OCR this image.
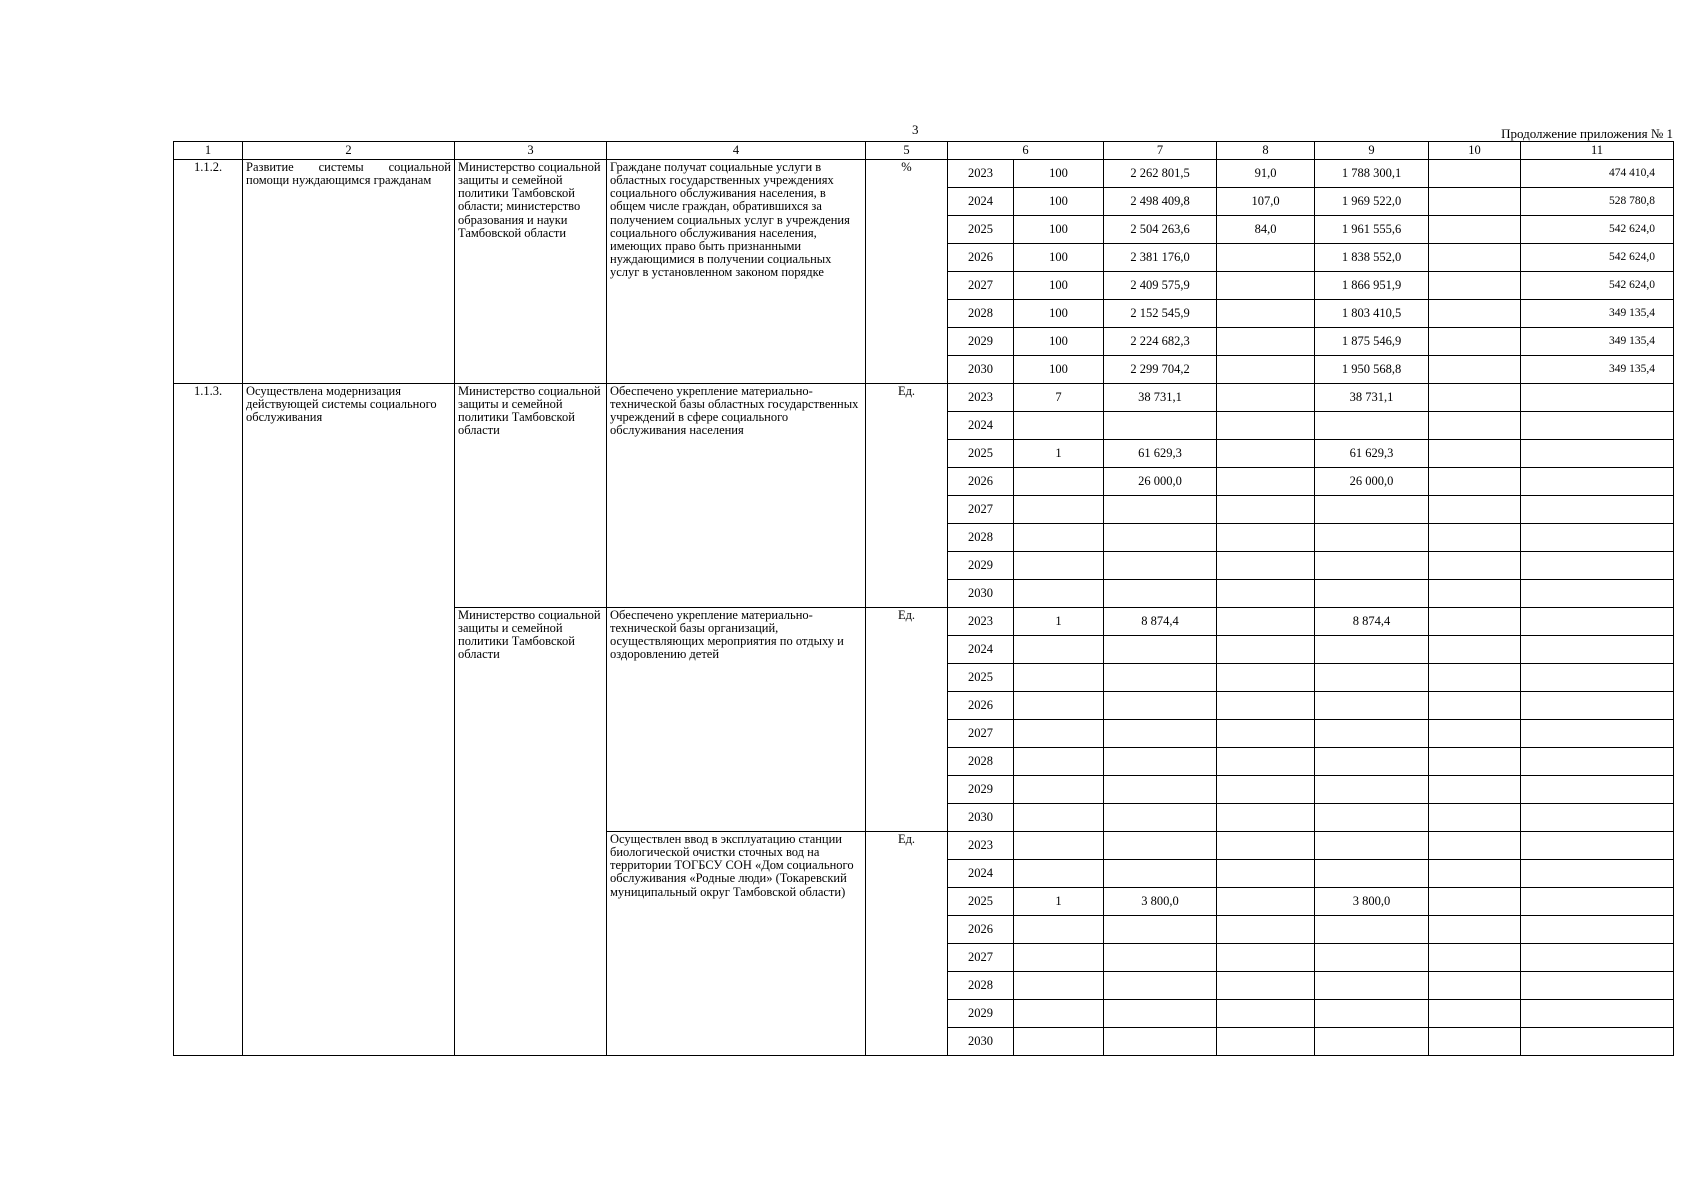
3	Продолжение приложения № 1
1	2	3	4	5	6		7	8	9	10	11
1.1.2.	Развитие системы социальной помощи нуждающимся гражданам	Министерство социальной защиты и семейной политики Тамбовской области; министерство образования и науки Тамбовской области	Граждане получат социальные услуги в областных государственных учреждениях социального обслуживания населения, в общем числе граждан, обратившихся за получением социальных услуг в учреждения социального обслуживания населения, имеющих право быть признанными нуждающимися в получении социальных услуг в установленном законом порядке	%	2023	100	2 262 801,5	91,0	1 788 300,1		474 410,4
					2024	100	2 498 409,8	107,0	1 969 522,0		528 780,8
					2025	100	2 504 263,6	84,0	1 961 555,6		542 624,0
					2026	100	2 381 176,0		1 838 552,0		542 624,0
					2027	100	2 409 575,9		1 866 951,9		542 624,0
					2028	100	2 152 545,9		1 803 410,5		349 135,4
					2029	100	2 224 682,3		1 875 546,9		349 135,4
					2030	100	2 299 704,2		1 950 568,8		349 135,4
1.1.3.	Осуществлена модернизация действующей системы социального обслуживания	Министерство социальной защиты и семейной политики Тамбовской области	Обеспечено укрепление материально-технической базы областных государственных учреждений в сфере социального обслуживания населения	Ед.	2023	7	38 731,1		38 731,1		
					2024						
					2025	1	61 629,3		61 629,3		
					2026		26 000,0		26 000,0		
					2027						
					2028						
					2029						
					2030						
		Министерство социальной защиты и семейной политики Тамбовской области	Обеспечено укрепление материально-технической базы организаций, осуществляющих мероприятия по отдыху и оздоровлению детей	Ед.	2023	1	8 874,4		8 874,4		
					2024						
					2025						
					2026						
					2027						
					2028						
					2029						
					2030						
			Осуществлен ввод в эксплуатацию станции биологической очистки сточных вод на территории ТОГБСУ СОН «Дом социального обслуживания «Родные люди» (Токаревский муниципальный округ Тамбовской области)	Ед.	2023						
					2024						
					2025	1	3 800,0		3 800,0		
					2026						
					2027						
					2028						
					2029						
					2030						
